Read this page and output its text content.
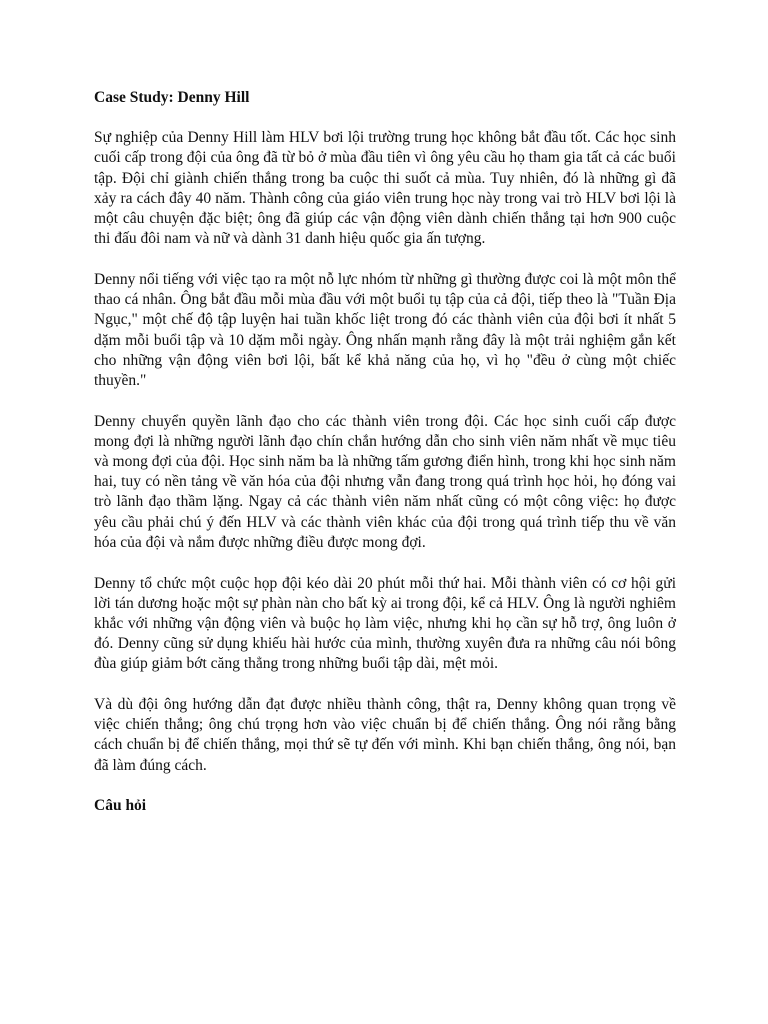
Case Study: Denny Hill

Sự nghiệp của Denny Hill làm HLV bơi lội trường trung học không bắt đầu tốt. Các học sinh cuối cấp trong đội của ông đã từ bỏ ở mùa đầu tiên vì ông yêu cầu họ tham gia tất cả các buổi tập. Đội chỉ giành chiến thắng trong ba cuộc thi suốt cả mùa. Tuy nhiên, đó là những gì đã xảy ra cách đây 40 năm. Thành công của giáo viên trung học này trong vai trò HLV bơi lội là một câu chuyện đặc biệt; ông đã giúp các vận động viên dành chiến thắng tại hơn 900 cuộc thi đấu đôi nam và nữ và dành 31 danh hiệu quốc gia ấn tượng.

Denny nổi tiếng với việc tạo ra một nỗ lực nhóm từ những gì thường được coi là một môn thể thao cá nhân. Ông bắt đầu mỗi mùa đầu với một buổi tụ tập của cả đội, tiếp theo là "Tuần Địa Ngục," một chế độ tập luyện hai tuần khốc liệt trong đó các thành viên của đội bơi ít nhất 5 dặm mỗi buổi tập và 10 dặm mỗi ngày. Ông nhấn mạnh rằng đây là một trải nghiệm gắn kết cho những vận động viên bơi lội, bất kể khả năng của họ, vì họ "đều ở cùng một chiếc thuyền."

Denny chuyển quyền lãnh đạo cho các thành viên trong đội. Các học sinh cuối cấp được mong đợi là những người lãnh đạo chín chắn hướng dẫn cho sinh viên năm nhất về mục tiêu và mong đợi của đội. Học sinh năm ba là những tấm gương điển hình, trong khi học sinh năm hai, tuy có nền tảng về văn hóa của đội nhưng vẫn đang trong quá trình học hỏi, họ đóng vai trò lãnh đạo thầm lặng. Ngay cả các thành viên năm nhất cũng có một công việc: họ được yêu cầu phải chú ý đến HLV và các thành viên khác của đội trong quá trình tiếp thu về văn hóa của đội và nắm được những điều được mong đợi.

Denny tổ chức một cuộc họp đội kéo dài 20 phút mỗi thứ hai. Mỗi thành viên có cơ hội gửi lời tán dương hoặc một sự phàn nàn cho bất kỳ ai trong đội, kể cả HLV. Ông là người nghiêm khắc với những vận động viên và buộc họ làm việc, nhưng khi họ cần sự hỗ trợ, ông luôn ở đó. Denny cũng sử dụng khiếu hài hước của mình, thường xuyên đưa ra những câu nói bông đùa giúp giảm bớt căng thẳng trong những buổi tập dài, mệt mỏi.

Và dù đội ông hướng dẫn đạt được nhiều thành công, thật ra, Denny không quan trọng về việc chiến thắng; ông chú trọng hơn vào việc chuẩn bị để chiến thắng. Ông nói rằng bằng cách chuẩn bị để chiến thắng, mọi thứ sẽ tự đến với mình. Khi bạn chiến thắng, ông nói, bạn đã làm đúng cách.

Câu hỏi
